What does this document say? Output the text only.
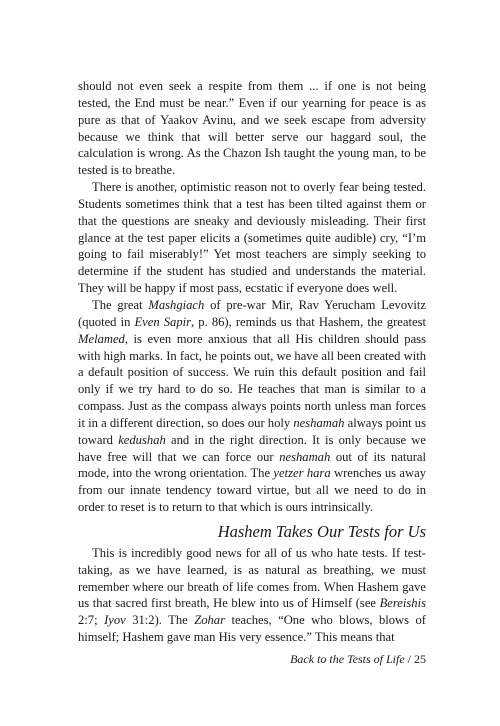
should not even seek a respite from them ... if one is not being tested, the End must be near.” Even if our yearning for peace is as pure as that of Yaakov Avinu, and we seek escape from adversity because we think that will better serve our haggard soul, the calculation is wrong. As the Chazon Ish taught the young man, to be tested is to breathe.

There is another, optimistic reason not to overly fear being tested. Students sometimes think that a test has been tilted against them or that the questions are sneaky and deviously misleading. Their first glance at the test paper elicits a (sometimes quite audible) cry, “I’m going to fail miserably!” Yet most teachers are simply seeking to determine if the student has studied and understands the material. They will be happy if most pass, ecstatic if everyone does well.

The great Mashgiach of pre-war Mir, Rav Yerucham Levovitz (quoted in Even Sapir, p. 86), reminds us that Hashem, the greatest Melamed, is even more anxious that all His children should pass with high marks. In fact, he points out, we have all been created with a default position of success. We ruin this default position and fail only if we try hard to do so. He teaches that man is similar to a compass. Just as the compass always points north unless man forces it in a different direction, so does our holy neshamah always point us toward kedushah and in the right direction. It is only because we have free will that we can force our neshamah out of its natural mode, into the wrong orientation. The yetzer hara wrenches us away from our innate tendency toward virtue, but all we need to do in order to reset is to return to that which is ours intrinsically.

Hashem Takes Our Tests for Us

This is incredibly good news for all of us who hate tests. If test-taking, as we have learned, is as natural as breathing, we must remember where our breath of life comes from. When Hashem gave us that sacred first breath, He blew into us of Himself (see Bereishis 2:7; Iyov 31:2). The Zohar teaches, “One who blows, blows of himself; Hashem gave man His very essence.” This means that

Back to the Tests of Life / 25
